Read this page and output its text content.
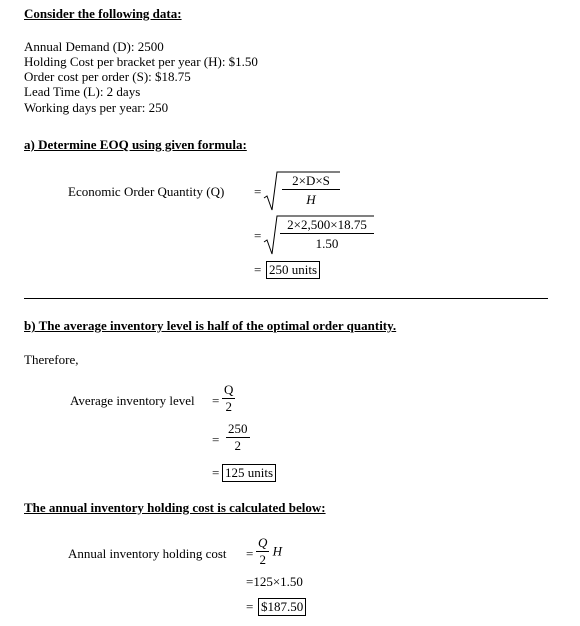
Consider the following data:
Annual Demand (D): 2500
Holding Cost per bracket per year (H): $1.50
Order cost per order (S): $18.75
Lead Time (L): 2 days
Working days per year: 250
a) Determine EOQ using given formula:
Economic Order Quantity $(Q) = \frac{2\times D\times S}{H}$
= $\frac{2\times 2,500\times 18.75}{1.50}$
= 250 units
b) The average inventory level is half of the optimal order quantity.
Therefore,
Average inventory level = $\frac{Q}{2}$
= $\frac{250}{2}$
= 125 units
The annual inventory holding cost is calculated below:
Annual inventory holding $\cos t = \frac{Q}{2}$ H
=125×1.50
= $187.50
